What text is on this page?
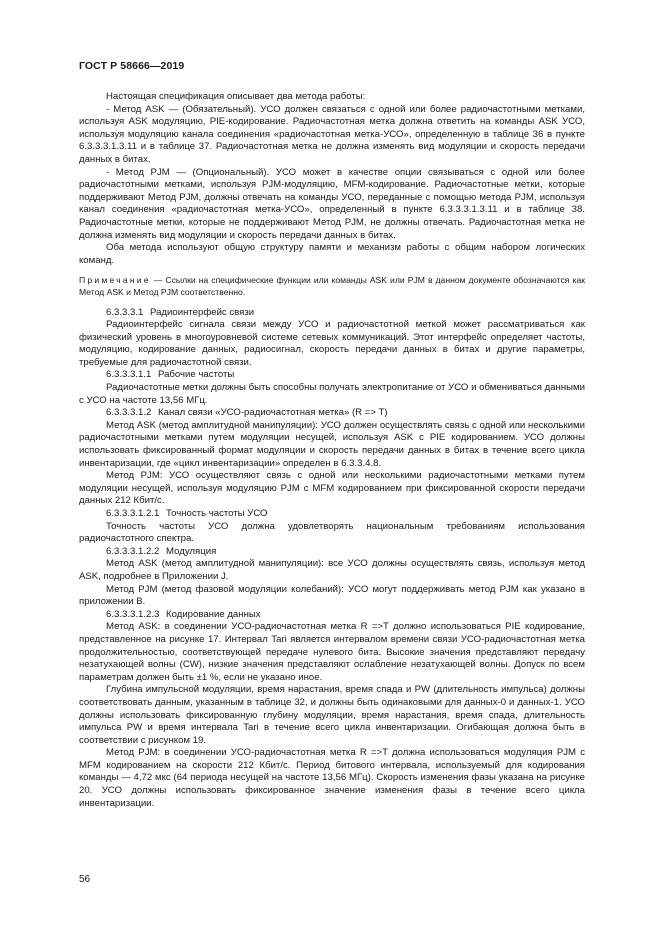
ГОСТ Р 58666—2019

Настоящая спецификация описывает два метода работы:

- Метод ASK — (Обязательный). УСО должен связаться с одной или более радиочастотными метками, используя ASK модуляцию, PIE-кодирование. Радиочастотная метка должна ответить на команды ASK УСО, используя модуляцию канала соединения «радиочастотная метка-УСО», определенную в таблице 36 в пункте 6.3.3.3.1.3.11 и в таблице 37. Радиочастотная метка не должна изменять вид модуляции и скорость передачи данных в битах.

- Метод PJM — (Опциональный). УСО может в качестве опции связываться с одной или более радиочастотными метками, используя PJM-модуляцию, MFM-кодирование. Радиочастотные метки, которые поддерживают Метод PJM, должны отвечать на команды УСО, переданные с помощью метода PJM, используя канал соединения «радиочастотная метка-УСО», определенный в пункте 6.3.3.3.1.3.11 и в таблице 38. Радиочастотные метки, которые не поддерживают Метод PJM, не должны отвечать. Радиочастотная метка не должна изменять вид модуляции и скорость передачи данных в битах.

Оба метода используют общую структуру памяти и механизм работы с общим набором логических команд.

Примечание — Ссылки на специфические функции или команды ASK или PJM в данном документе обозначаются как Метод ASK и Метод PJM соответственно.

6.3.3.3.1 Радиоинтерфейс связи

Радиоинтерфейс сигнала связи между УСО и радиочастотной меткой может рассматриваться как физический уровень в многоуровневой системе сетевых коммуникаций. Этот интерфейс определяет частоты, модуляцию, кодирование данных, радиосигнал, скорость передачи данных в битах и другие параметры, требуемые для радиочастотной связи.

6.3.3.3.1.1 Рабочие частоты

Радиочастотные метки должны быть способны получать электропитание от УСО и обмениваться данными с УСО на частоте 13,56 МГц.

6.3.3.3.1.2 Канал связи «УСО-радиочастотная метка» (R => T)

Метод ASK (метод амплитудной манипуляции): УСО должен осуществлять связь с одной или несколькими радиочастотными метками путем модуляции несущей, используя ASK с PIE кодированием. УСО должны использовать фиксированный формат модуляции и скорость передачи данных в битах в течение всего цикла инвентаризации, где «цикл инвентаризации» определен в 6.3.3.4.8.

Метод PJM: УСО осуществляют связь с одной или несколькими радиочастотными метками путем модуляции несущей, используя модуляцию PJM с MFM кодированием при фиксированной скорости передачи данных 212 Кбит/с.

6.3.3.3.1.2.1 Точность частоты УСО

Точность частоты УСО должна удовлетворять национальным требованиям использования радиочастотного спектра.

6.3.3.3.1.2.2 Модуляция

Метод ASK (метод амплитудной манипуляции): все УСО должны осуществлять связь, используя метод ASK, подробнее в Приложении J.

Метод PJM (метод фазовой модуляции колебаний): УСО могут поддерживать метод PJM как указано в приложении В.

6.3.3.3.1.2.3 Кодирование данных

Метод ASK: в соединении УСО-радиочастотная метка R =>T должно использоваться PIE кодирование, представленное на рисунке 17. Интервал Tari является интервалом времени связи УСО-радиочастотная метка продолжительностью, соответствующей передаче нулевого бита. Высокие значения представляют передачу незатухающей волны (CW), низкие значения представляют ослабление незатухающей волны. Допуск по всем параметрам должен быть ±1 %, если не указано иное.

Глубина импульсной модуляции, время нарастания, время спада и PW (длительность импульса) должны соответствовать данным, указанным в таблице 32, и должны быть одинаковыми для данных-0 и данных-1. УСО должны использовать фиксированную глубину модуляции, время нарастания, время спада, длительность импульса PW и время интервала Tari в течение всего цикла инвентаризации. Огибающая должна быть в соответствии с рисунком 19.

Метод PJM: в соединении УСО-радиочастотная метка R =>T должна использоваться модуляция PJM с MFM кодированием на скорости 212 Кбит/с. Период битового интервала, используемый для кодирования команды — 4,72 мкс (64 периода несущей на частоте 13,56 МГц). Скорость изменения фазы указана на рисунке 20. УСО должны использовать фиксированное значение изменения фазы в течение всего цикла инвентаризации.

56
